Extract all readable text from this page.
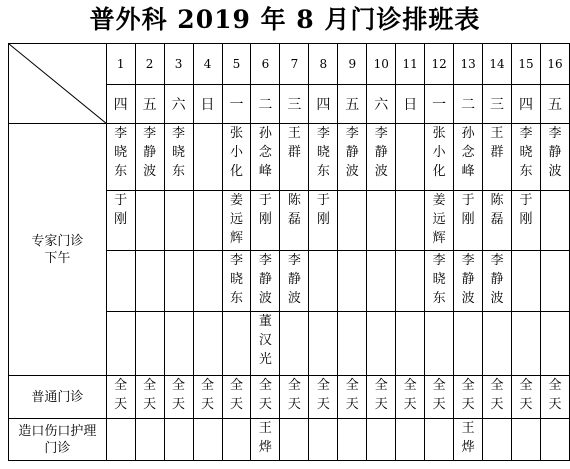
普外科 2019 年 8 月门诊排班表
	1	2	3	4	5	6	7	8	9	10	11	12	13	14	15	16
	四	五	六	日	一	二	三	四	五	六	日	一	二	三	四	五
专家门诊
下午	李晓东	李静波	李晓东		张小化	孙念峰	王群	李晓东	李静波	李静波		张小化	孙念峰	王群	李晓东	李静波
	于刚				姜远辉	于刚	陈磊	于刚				姜远辉	于刚	陈磊	于刚	
					李晓东	李静波	李静波					李晓东	李静波	李静波		
						董汉光										
普通门诊	全天	全天	全天	全天	全天	全天	全天	全天	全天	全天	全天	全天	全天	全天	全天	全天
造口伤口护理
门诊						王烨							王烨			
